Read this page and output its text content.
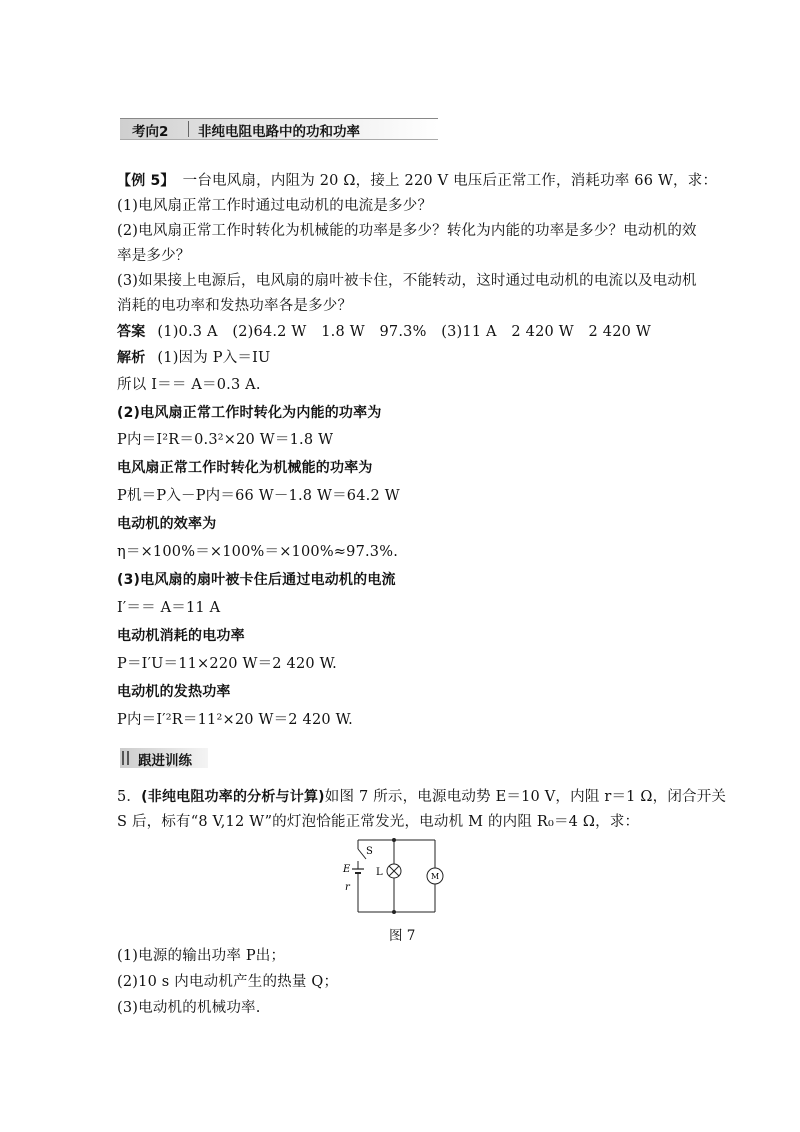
考向2 非纯电阻电路中的功和功率
【例 5】 一台电风扇，内阻为 20 Ω，接上 220 V 电压后正常工作，消耗功率 66 W，求：
(1)电风扇正常工作时通过电动机的电流是多少？
(2)电风扇正常工作时转化为机械能的功率是多少？转化为内能的功率是多少？电动机的效
率是多少？
(3)如果接上电源后，电风扇的扇叶被卡住，不能转动，这时通过电动机的电流以及电动机
消耗的电功率和发热功率各是多少？
答案 (1)0.3 A　(2)64.2 W　1.8 W　97.3%　(3)11 A　2 420 W　2 420 W
解析 (1)因为 P入＝IU
所以 I＝＝ A＝0.3 A.
(2)电风扇正常工作时转化为内能的功率为
P内＝I²R＝0.3²×20 W＝1.8 W
电风扇正常工作时转化为机械能的功率为
P机＝P入－P内＝66 W－1.8 W＝64.2 W
电动机的效率为
η＝×100%＝×100%＝×100%≈97.3%.
(3)电风扇的扇叶被卡住后通过电动机的电流
I′＝＝ A＝11 A
电动机消耗的电功率
P＝I′U＝11×220 W＝2 420 W.
电动机的发热功率
P内＝I′²R＝11²×20 W＝2 420 W.
跟进训练
5．(非纯电阻功率的分析与计算)如图 7 所示，电源电动势 E＝10 V，内阻 r＝1 Ω，闭合开关
S 后，标有“8 V,12 W”的灯泡恰能正常发光，电动机 M 的内阻 R₀＝4 Ω，求：
S
E
r
L	M
图 7
(1)电源的输出功率 P出；
(2)10 s 内电动机产生的热量 Q；
(3)电动机的机械功率.
